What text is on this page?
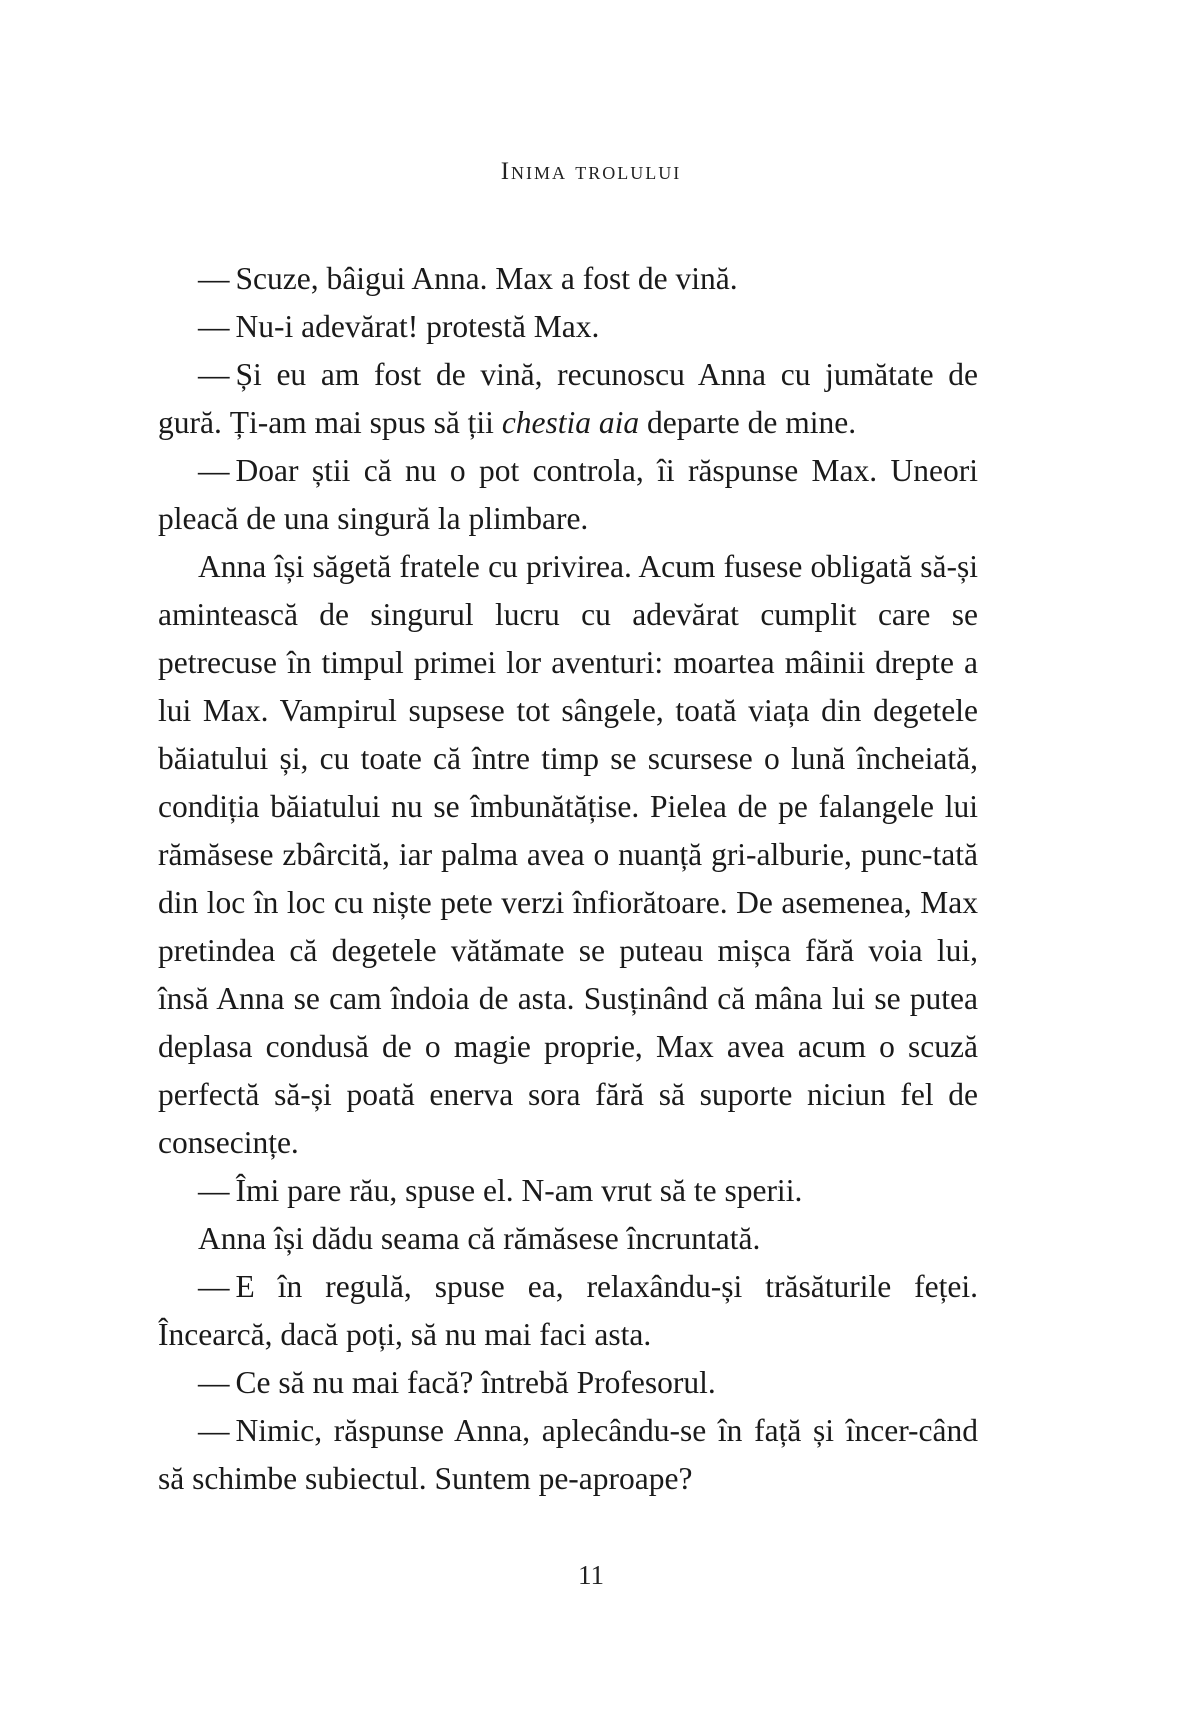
Inima trolului

— Scuze, bâigui Anna. Max a fost de vină.

— Nu-i adevărat! protestă Max.

— Și eu am fost de vină, recunoscu Anna cu jumătate de gură. Ți-am mai spus să ții chestia aia departe de mine.

— Doar știi că nu o pot controla, îi răspunse Max. Uneori pleacă de una singură la plimbare.

Anna își săgetă fratele cu privirea. Acum fusese obligată să-și amintească de singurul lucru cu adevărat cumplit care se petrecuse în timpul primei lor aventuri: moartea mâinii drepte a lui Max. Vampirul supsese tot sângele, toată viața din degetele băiatului și, cu toate că între timp se scursese o lună încheiată, condiția băiatului nu se îmbunătățise. Pielea de pe falangele lui rămăsese zbârcită, iar palma avea o nuanță gri-alburie, punc-tată din loc în loc cu niște pete verzi înfiorătoare. De asemenea, Max pretindea că degetele vătămate se puteau mișca fără voia lui, însă Anna se cam îndoia de asta. Susținând că mâna lui se putea deplasa condusă de o magie proprie, Max avea acum o scuză perfectă să-și poată enerva sora fără să suporte niciun fel de consecințe.

— Îmi pare rău, spuse el. N-am vrut să te sperii.

Anna își dădu seama că rămăsese încruntată.

— E în regulă, spuse ea, relaxându-și trăsăturile feței. Încearcă, dacă poți, să nu mai faci asta.

— Ce să nu mai facă? întrebă Profesorul.

— Nimic, răspunse Anna, aplecându-se în față și încer-când să schimbe subiectul. Suntem pe-aproape?

11
